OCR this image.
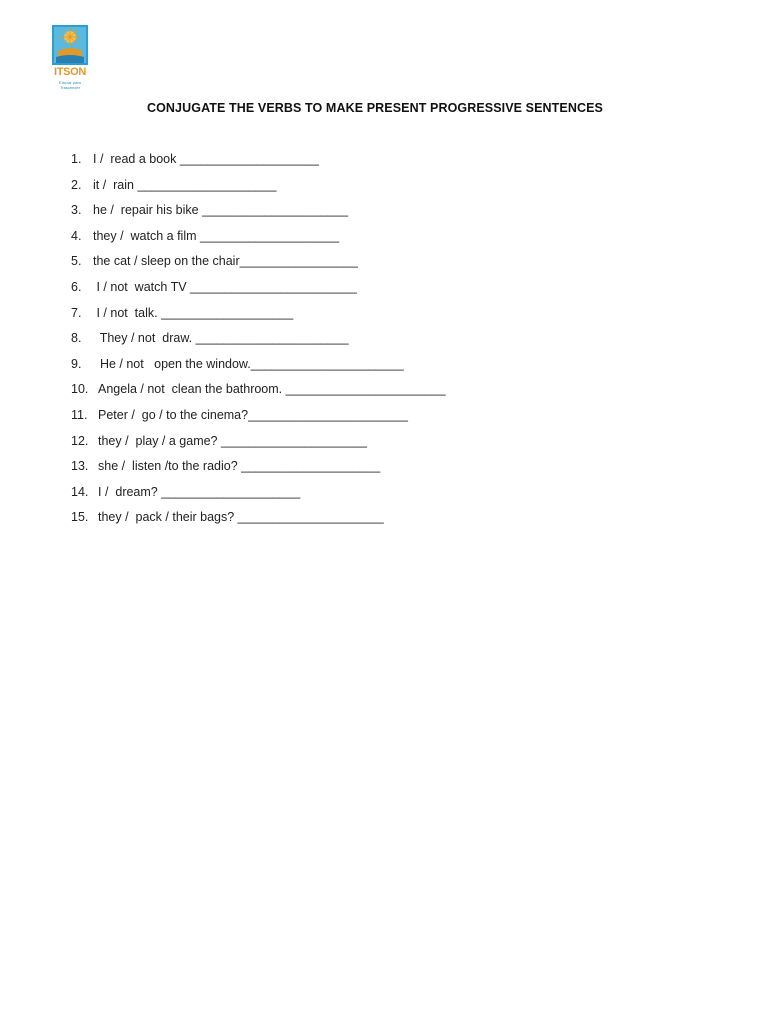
ITSON
Educar para Trascender
CONJUGATE THE VERBS TO MAKE PRESENT PROGRESSIVE SENTENCES
1. I /  read a book ____________________
2. it /  rain ____________________
3. he /  repair his bike _____________________
4. they /  watch a film ____________________
5. the cat / sleep on the chair_________________
6. I / not  watch TV ________________________
7. I / not  talk. ___________________
8.  They / not  draw. ______________________
9.  He / not   open the window.______________________
10. Angela / not  clean the bathroom. _______________________
11. Peter /  go / to the cinema?_______________________
12. they /  play / a game? _____________________
13. she /  listen /to the radio? ____________________
14. I /  dream? ____________________
15. they /  pack / their bags? _____________________
